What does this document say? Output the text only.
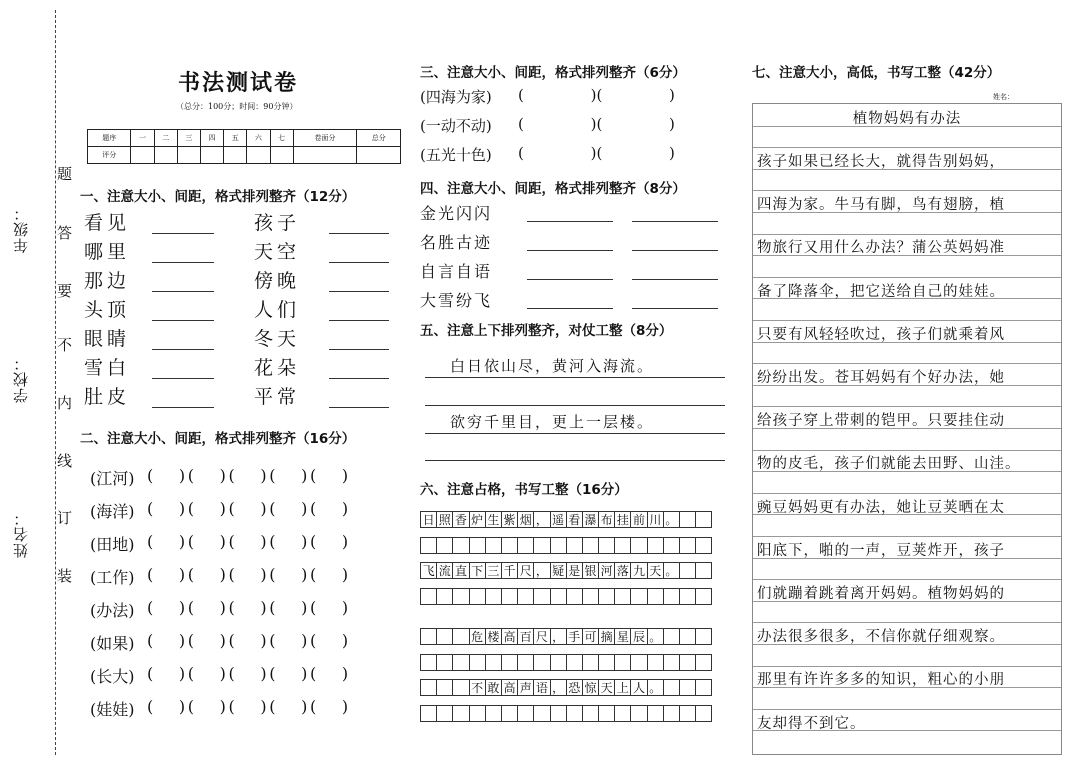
年级：
学校：
姓名：
题
答
要
不
内
线
订
装
书法测试卷
（总分：100分；时间：90分钟）
题序	一	二	三	四	五	六	七	卷面分	总分
评分									
一、注意大小、间距，格式排列整齐（12分）
看见	孩子
哪里	天空
那边	傍晚
头顶	人们
眼睛	冬天
雪白	花朵
肚皮	平常
二、注意大小、间距，格式排列整齐（16分）
(江河) (   )(   )(   )(   )(   )
(海洋) (   )(   )(   )(   )(   )
(田地) (   )(   )(   )(   )(   )
(工作) (   )(   )(   )(   )(   )
(办法) (   )(   )(   )(   )(   )
(如果) (   )(   )(   )(   )(   )
(长大) (   )(   )(   )(   )(   )
(娃娃) (   )(   )(   )(   )(   )
三、注意大小、间距，格式排列整齐（6分）
(四海为家) (              )(              )
(一动不动) (              )(              )
(五光十色) (              )(              )
四、注意大小、间距，格式排列整齐（8分）
金光闪闪
名胜古迹
自言自语
大雪纷飞
五、注意上下排列整齐，对仗工整（8分）
白日依山尽，黄河入海流。
欲穷千里目，更上一层楼。
六、注意占格，书写工整（16分）
日 照 香 炉 生 紫 烟 ， 遥 看 瀑 布 挂 前 川 。
飞 流 直 下 三 千 尺 ， 疑 是 银 河 落 九 天 。
危 楼 高 百 尺 ， 手 可 摘 星 辰 。
不 敢 高 声 语 ， 恐 惊 天 上 人 。
七、注意大小，高低，书写工整（42分）
姓名：
植物妈妈有办法
孩子如果已经长大，就得告别妈妈，
四海为家。牛马有脚，鸟有翅膀，植
物旅行又用什么办法？蒲公英妈妈准
备了降落伞，把它送给自己的娃娃。
只要有风轻轻吹过，孩子们就乘着风
纷纷出发。苍耳妈妈有个好办法，她
给孩子穿上带刺的铠甲。只要挂住动
物的皮毛，孩子们就能去田野、山洼。
豌豆妈妈更有办法，她让豆荚晒在太
阳底下，啪的一声，豆荚炸开，孩子
们就蹦着跳着离开妈妈。植物妈妈的
办法很多很多，不信你就仔细观察。
那里有许许多多的知识，粗心的小朋
友却得不到它。
